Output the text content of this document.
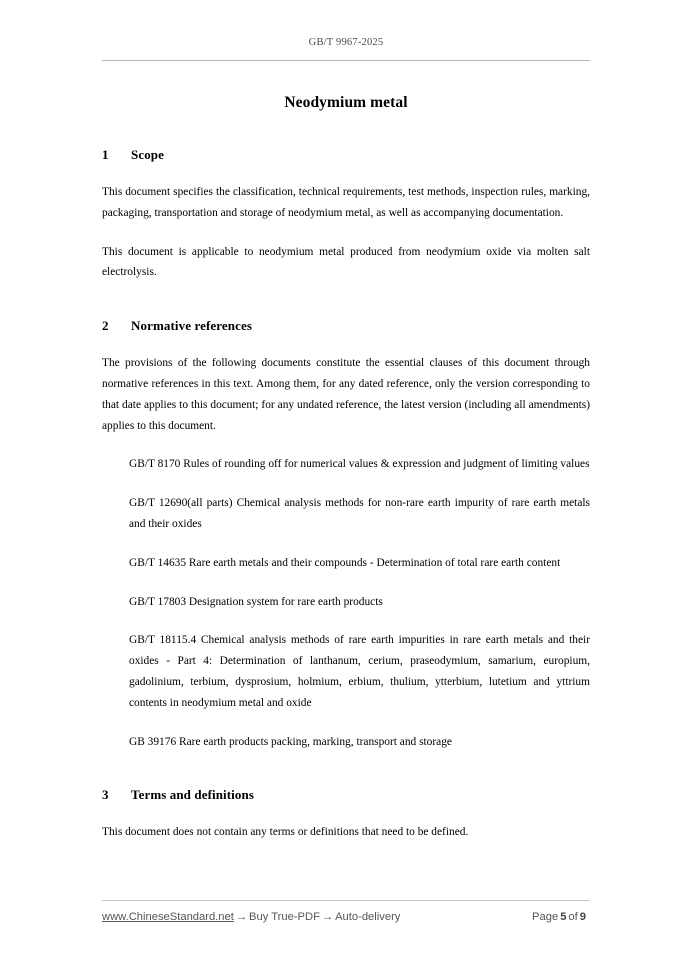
GB/T 9967-2025
Neodymium metal
1 Scope

This document specifies the classification, technical requirements, test methods, inspection rules, marking, packaging, transportation and storage of neodymium metal, as well as accompanying documentation.

This document is applicable to neodymium metal produced from neodymium oxide via molten salt electrolysis.

2 Normative references

The provisions of the following documents constitute the essential clauses of this document through normative references in this text. Among them, for any dated reference, only the version corresponding to that date applies to this document; for any undated reference, the latest version (including all amendments) applies to this document.

GB/T 8170 Rules of rounding off for numerical values & expression and judgment of limiting values

GB/T 12690(all parts) Chemical analysis methods for non-rare earth impurity of rare earth metals and their oxides

GB/T 14635 Rare earth metals and their compounds - Determination of total rare earth content

GB/T 17803 Designation system for rare earth products

GB/T 18115.4 Chemical analysis methods of rare earth impurities in rare earth metals and their oxides - Part 4: Determination of lanthanum, cerium, praseodymium, samarium, europium, gadolinium, terbium, dysprosium, holmium, erbium, thulium, ytterbium, lutetium and yttrium contents in neodymium metal and oxide

GB 39176 Rare earth products packing, marking, transport and storage

3 Terms and definitions

This document does not contain any terms or definitions that need to be defined.

www.ChineseStandard.net → Buy True-PDF → Auto-delivery	Page 5 of 9
